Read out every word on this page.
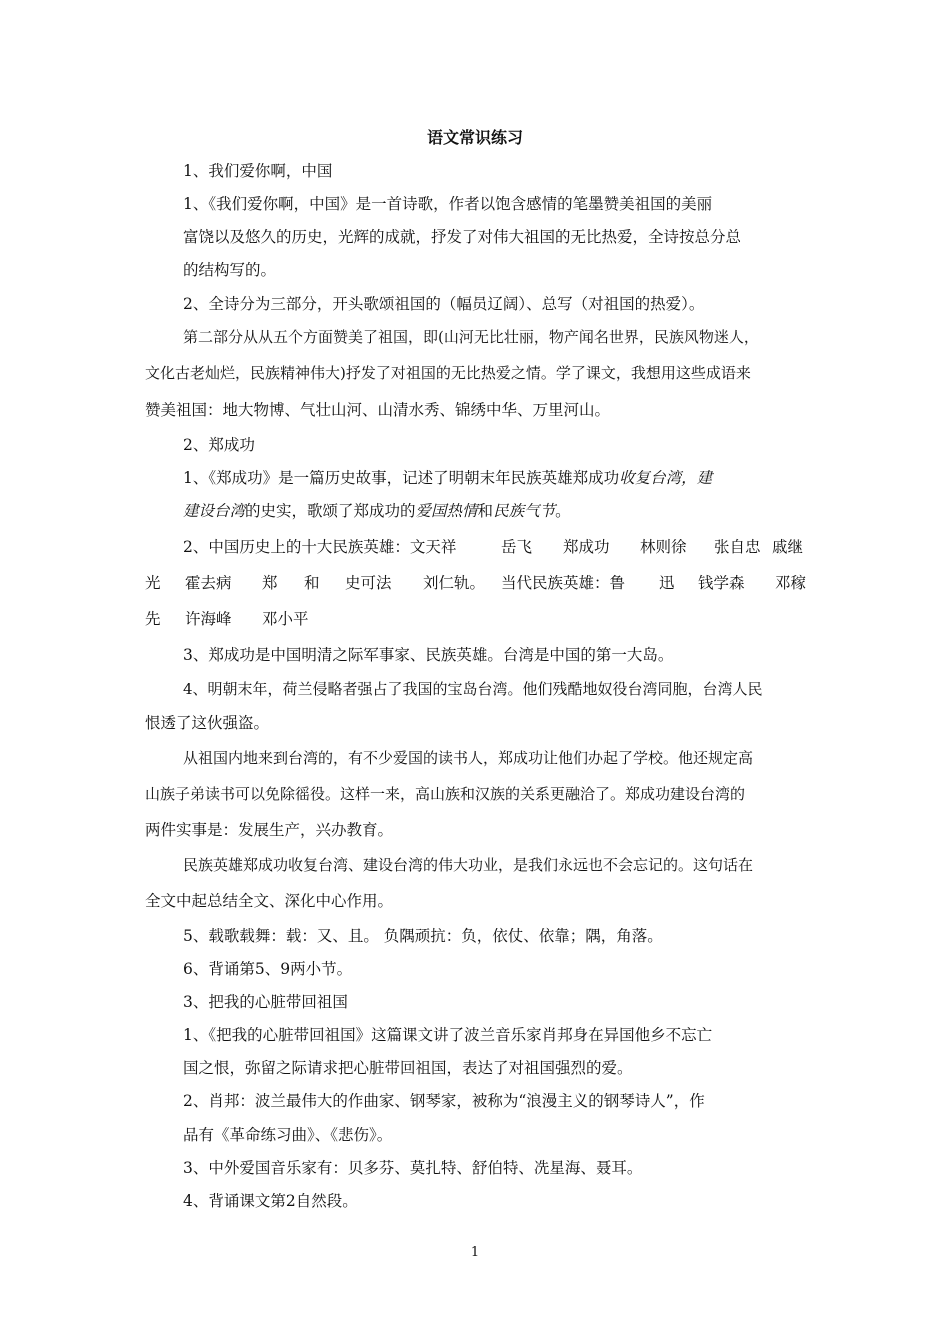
语文常识练习
1、我们爱你啊，中国
1、《我们爱你啊，中国》是一首诗歌，作者以饱含感情的笔墨赞美祖国的美丽
富饶以及悠久的历史，光辉的成就，抒发了对伟大祖国的无比热爱，全诗按总分总
的结构写的。
2、全诗分为三部分，开头歌颂祖国的（幅员辽阔）、总写（对祖国的热爱）。
第二部分从从五个方面赞美了祖国，即(山河无比壮丽，物产闻名世界，民族风物迷人，
文化古老灿烂，民族精神伟大)抒发了对祖国的无比热爱之情。学了课文，我想用这些成语来
赞美祖国：地大物博、气壮山河、山清水秀、锦绣中华、万里河山。
2、郑成功
1、《郑成功》是一篇历史故事，记述了明朝末年民族英雄郑成功收复台湾，建
建设台湾的史实，歌颂了郑成功的爱国热情和民族气节。
2、中国历史上的十大民族英雄：文天祥	岳飞 郑成功 林则徐 张自忠 戚继
光 霍去病 郑 和 史可法 刘仁轨。 当代民族英雄：鲁 迅 钱学森 邓稼
先 许海峰 邓小平
3、郑成功是中国明清之际军事家、民族英雄。台湾是中国的第一大岛。
4、明朝末年，荷兰侵略者强占了我国的宝岛台湾。他们残酷地奴役台湾同胞，台湾人民
恨透了这伙强盗。
从祖国内地来到台湾的，有不少爱国的读书人，郑成功让他们办起了学校。他还规定高
山族子弟读书可以免除徭役。这样一来，高山族和汉族的关系更融洽了。郑成功建设台湾的
两件实事是：发展生产，兴办教育。
民族英雄郑成功收复台湾、建设台湾的伟大功业，是我们永远也不会忘记的。这句话在
全文中起总结全文、深化中心作用。
5、载歌载舞：载：又、且。 负隅顽抗：负，依仗、依靠；隅，角落。
6、背诵第5、9两小节。
3、把我的心脏带回祖国
1、《把我的心脏带回祖国》这篇课文讲了波兰音乐家肖邦身在异国他乡不忘亡
国之恨，弥留之际请求把心脏带回祖国，表达了对祖国强烈的爱。
2、肖邦：波兰最伟大的作曲家、钢琴家，被称为“浪漫主义的钢琴诗人”，作
品有《革命练习曲》、《悲伤》。
3、中外爱国音乐家有：贝多芬、莫扎特、舒伯特、冼星海、聂耳。
4、背诵课文第2自然段。
1
